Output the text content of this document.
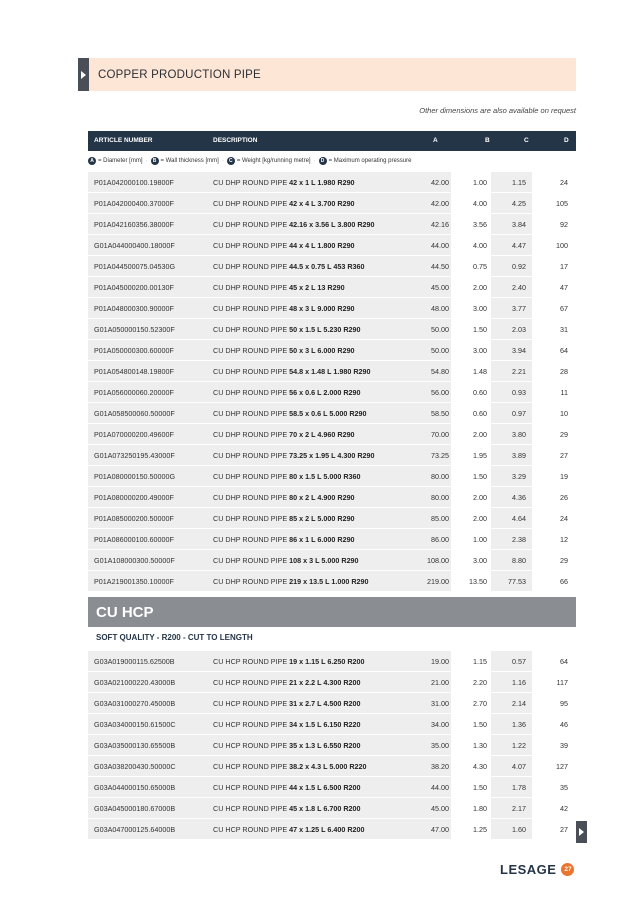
COPPER PRODUCTION PIPE
Other dimensions are also available on request
ARTICLE NUMBER	DESCRIPTION	A	B	C	D
A = Diameter [mm] ·	B = Wall thickness [mm] ·	C = Weight [kg/running metre] ·	D = Maximum operating pressure
P01A042000100.19800F	CU DHP ROUND PIPE 42 x 1 L 1.980 R290	42.00	1.00	1.15	24
P01A042000400.37000F	CU DHP ROUND PIPE 42 x 4 L 3.700 R290	42.00	4.00	4.25	105
P01A042160356.38000F	CU DHP ROUND PIPE 42.16 x 3.56 L 3.800 R290	42.16	3.56	3.84	92
G01A044000400.18000F	CU DHP ROUND PIPE 44 x 4 L 1.800 R290	44.00	4.00	4.47	100
P01A044500075.04530G	CU DHP ROUND PIPE 44.5 x 0.75 L 453 R360	44.50	0.75	0.92	17
P01A045000200.00130F	CU DHP ROUND PIPE 45 x 2 L 13 R290	45.00	2.00	2.40	47
P01A048000300.90000F	CU DHP ROUND PIPE 48 x 3 L 9.000 R290	48.00	3.00	3.77	67
G01A050000150.52300F	CU DHP ROUND PIPE 50 x 1.5 L 5.230 R290	50.00	1.50	2.03	31
P01A050000300.60000F	CU DHP ROUND PIPE 50 x 3 L 6.000 R290	50.00	3.00	3.94	64
P01A054800148.19800F	CU DHP ROUND PIPE 54.8 x 1.48 L 1.980 R290	54.80	1.48	2.21	28
P01A056000060.20000F	CU DHP ROUND PIPE 56 x 0.6 L 2.000 R290	56.00	0.60	0.93	11
G01A058500060.50000F	CU DHP ROUND PIPE 58.5 x 0.6 L 5.000 R290	58.50	0.60	0.97	10
P01A070000200.49600F	CU DHP ROUND PIPE 70 x 2 L 4.960 R290	70.00	2.00	3.80	29
G01A073250195.43000F	CU DHP ROUND PIPE 73.25 x 1.95 L 4.300 R290	73.25	1.95	3.89	27
P01A080000150.50000G	CU DHP ROUND PIPE 80 x 1.5 L 5.000 R360	80.00	1.50	3.29	19
P01A080000200.49000F	CU DHP ROUND PIPE 80 x 2 L 4.900 R290	80.00	2.00	4.36	26
P01A085000200.50000F	CU DHP ROUND PIPE 85 x 2 L 5.000 R290	85.00	2.00	4.64	24
P01A086000100.60000F	CU DHP ROUND PIPE 86 x 1 L 6.000 R290	86.00	1.00	2.38	12
G01A108000300.50000F	CU DHP ROUND PIPE 108 x 3 L 5.000 R290	108.00	3.00	8.80	29
P01A219001350.10000F	CU DHP ROUND PIPE 219 x 13.5 L 1.000 R290	219.00	13.50	77.53	66
CU HCP
SOFT QUALITY - R200 - CUT TO LENGTH
G03A019000115.62500B	CU HCP ROUND PIPE 19 x 1.15 L 6.250 R200	19.00	1.15	0.57	64
G03A021000220.43000B	CU HCP ROUND PIPE 21 x 2.2 L 4.300 R200	21.00	2.20	1.16	117
G03A031000270.45000B	CU HCP ROUND PIPE 31 x 2.7 L 4.500 R200	31.00	2.70	2.14	95
G03A034000150.61500C	CU HCP ROUND PIPE 34 x 1.5 L 6.150 R220	34.00	1.50	1.36	46
G03A035000130.65500B	CU HCP ROUND PIPE 35 x 1.3 L 6.550 R200	35.00	1.30	1.22	39
G03A038200430.50000C	CU HCP ROUND PIPE 38.2 x 4.3 L 5.000 R220	38.20	4.30	4.07	127
G03A044000150.65000B	CU HCP ROUND PIPE 44 x 1.5 L 6.500 R200	44.00	1.50	1.78	35
G03A045000180.67000B	CU HCP ROUND PIPE 45 x 1.8 L 6.700 R200	45.00	1.80	2.17	42
G03A047000125.64000B	CU HCP ROUND PIPE 47 x 1.25 L 6.400 R200	47.00	1.25	1.60	27
LESAGE	27
